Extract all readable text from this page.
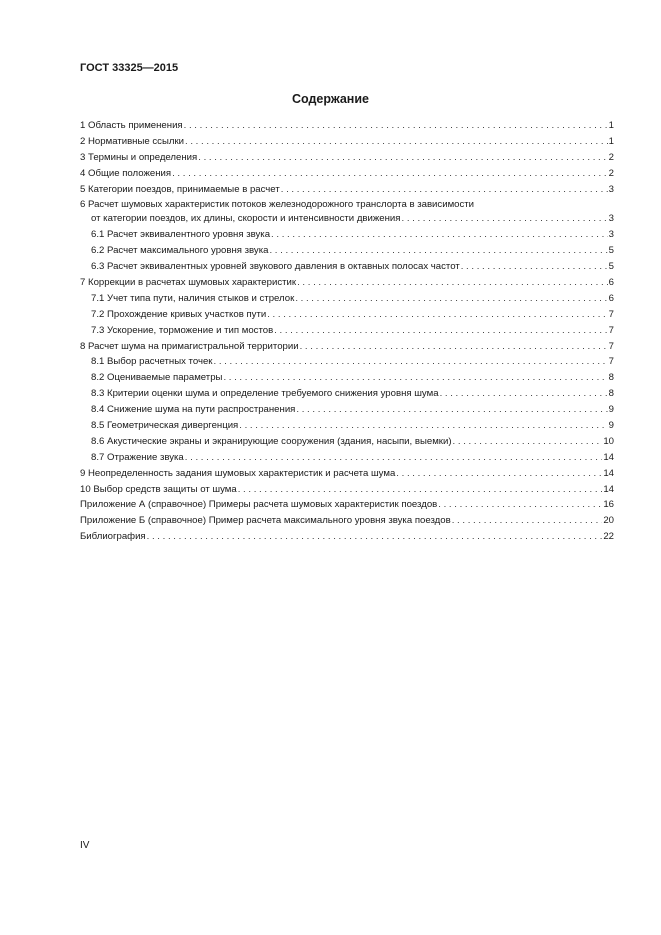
ГОСТ 33325—2015
Содержание
1 Область применения . . .	1
2 Нормативные ссылки . . .	1
3 Термины и определения . . .	2
4 Общие положения . . .	2
5 Категории поездов, принимаемые в расчет . . .	3
6 Расчет шумовых характеристик потоков железнодорожного транслорта в зависимости
от категории поездов, их длины, скорости и интенсивности движения . . .	3
6.1 Расчет эквивалентного уровня звука . . .	3
6.2 Расчет максимального уровня звука . . .	5
6.3 Расчет эквивалентных уровней звукового давления в октавных полосах частот . . .	5
7 Коррекции в расчетах шумовых характеристик . . .	6
7.1 Учет типа пути, наличия стыков и стрелок . . .	6
7.2 Прохождение кривых участков пути . . .	7
7.3 Ускорение, торможение и тип мостов . . .	7
8 Расчет шума на примагистральной территории . . .	7
8.1 Выбор расчетных точек . . .	7
8.2 Оцениваемые параметры . . .	8
8.3 Критерии оценки шума и определение требуемого снижения уровня шума . . .	8
8.4 Снижение шума на пути распространения . . .	9
8.5 Геометрическая дивергенция . . .	9
8.6 Акустические экраны и экранирующие сооружения (здания, насыпи, выемки) . . .	10
8.7 Отражение звука . . .	14
9 Неопределенность задания шумовых характеристик и расчета шума . . .	14
10 Выбор средств защиты от шума . . .	14
Приложение А (справочное) Примеры расчета шумовых характеристик поездов . . .	16
Приложение Б (справочное) Пример расчета максимального уровня звука поездов . . .	20
Библиография . . .	22
IV
